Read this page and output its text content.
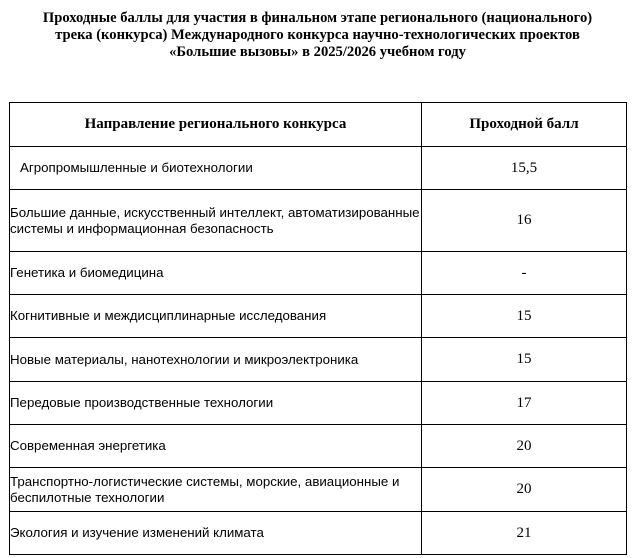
Проходные баллы для участия в финальном этапе регионального (национального)
трека (конкурса) Международного конкурса научно-технологических проектов
«Большие вызовы» в 2025/2026 учебном году
Направление регионального конкурса	Проходной балл
Агропромышленные и биотехнологии	15,5
Большие данные, искусственный интеллект, автоматизированные системы и информационная безопасность	16
Генетика и биомедицина	-
Когнитивные и междисциплинарные исследования	15
Новые материалы, нанотехнологии и микроэлектроника	15
Передовые производственные технологии	17
Современная энергетика	20
Транспортно-логистические системы, морские, авиационные и беспилотные технологии	20
Экология и изучение изменений климата	21
